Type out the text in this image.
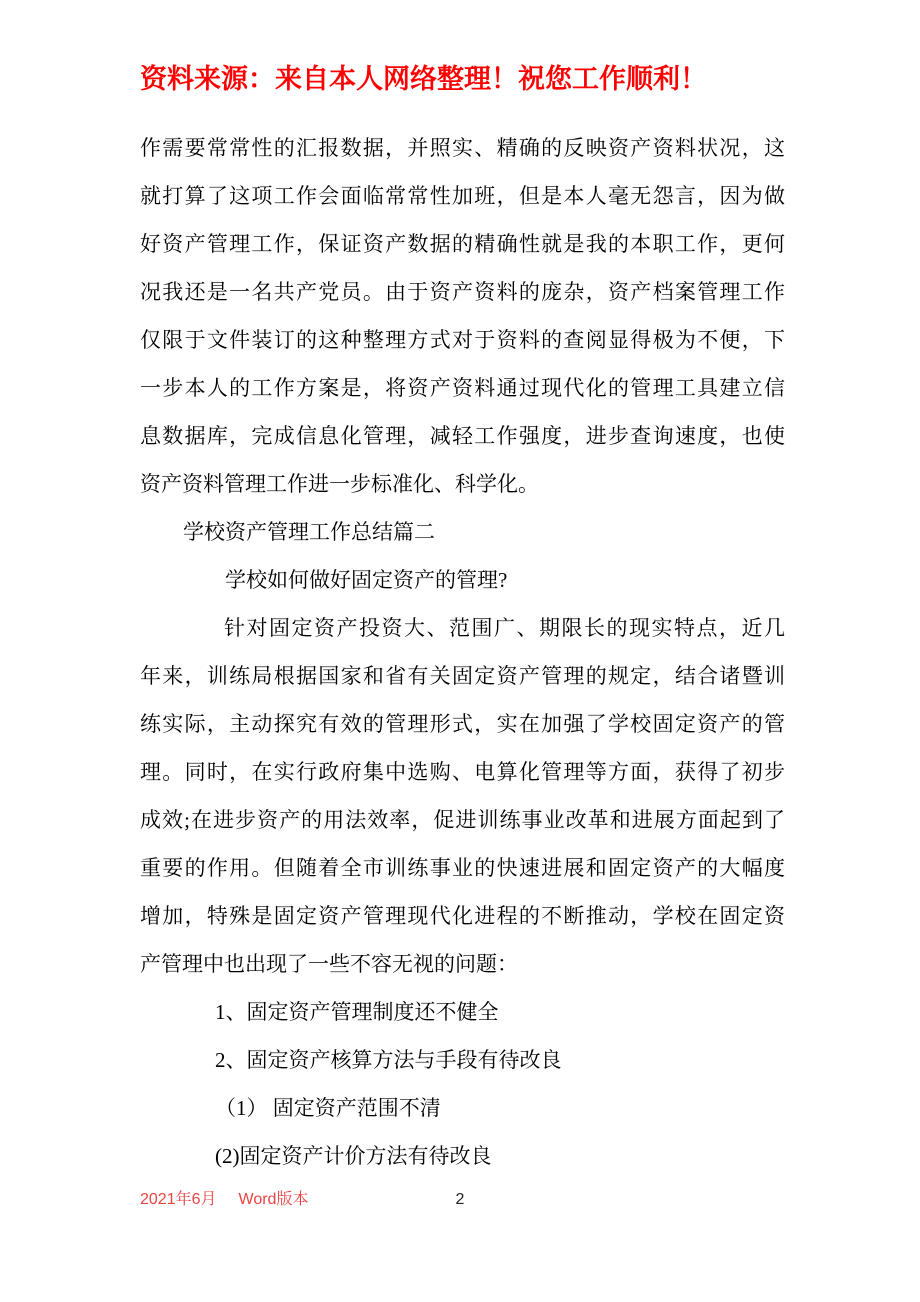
资料来源：来自本人网络整理！祝您工作顺利！
作需要常常性的汇报数据，并照实、精确的反映资产资料状况，这
就打算了这项工作会面临常常性加班，但是本人毫无怨言，因为做
好资产管理工作，保证资产数据的精确性就是我的本职工作，更何
况我还是一名共产党员。由于资产资料的庞杂，资产档案管理工作
仅限于文件装订的这种整理方式对于资料的查阅显得极为不便，下
一步本人的工作方案是，将资产资料通过现代化的管理工具建立信
息数据库，完成信息化管理，减轻工作强度，进步查询速度，也使
资产资料管理工作进一步标准化、科学化。
学校资产管理工作总结篇二
学校如何做好固定资产的管理?
针对固定资产投资大、范围广、期限长的现实特点，近几
年来，训练局根据国家和省有关固定资产管理的规定，结合诸暨训
练实际，主动探究有效的管理形式，实在加强了学校固定资产的管
理。同时，在实行政府集中选购、电算化管理等方面，获得了初步
成效;在进步资产的用法效率，促进训练事业改革和进展方面起到了
重要的作用。但随着全市训练事业的快速进展和固定资产的大幅度
增加，特殊是固定资产管理现代化进程的不断推动，学校在固定资
产管理中也出现了一些不容无视的问题：
1、固定资产管理制度还不健全
2、固定资产核算方法与手段有待改良
（1） 固定资产范围不清
(2)固定资产计价方法有待改良
2021年6月 Word版本	2
